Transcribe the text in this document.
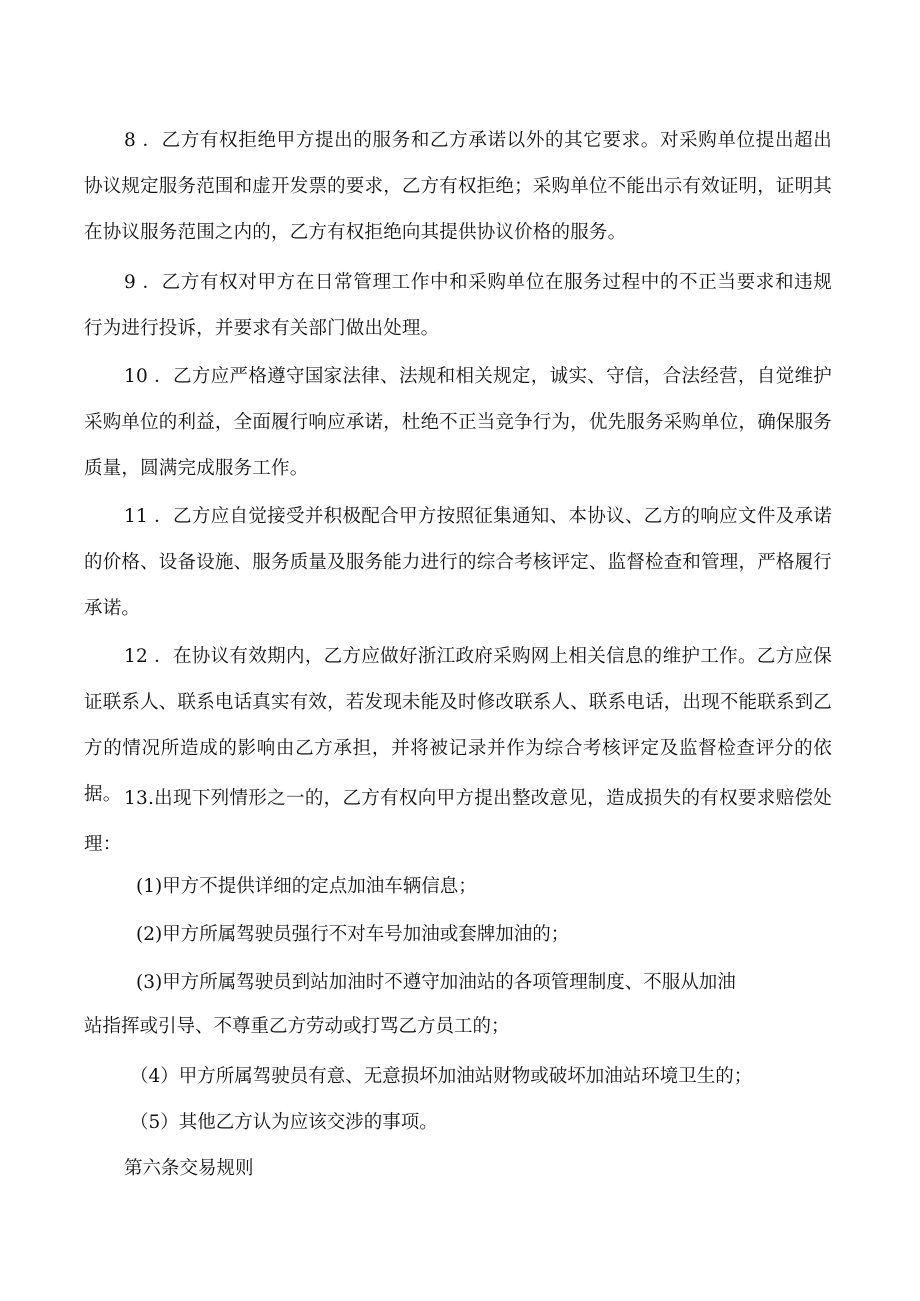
8 ．乙方有权拒绝甲方提出的服务和乙方承诺以外的其它要求。对采购单位提出超出协议规定服务范围和虚开发票的要求，乙方有权拒绝；采购单位不能出示有效证明，证明其在协议服务范围之内的，乙方有权拒绝向其提供协议价格的服务。

9 ．乙方有权对甲方在日常管理工作中和采购单位在服务过程中的不正当要求和违规行为进行投诉，并要求有关部门做出处理。

10 ．乙方应严格遵守国家法律、法规和相关规定，诚实、守信，合法经营，自觉维护采购单位的利益，全面履行响应承诺，杜绝不正当竞争行为，优先服务采购单位，确保服务质量，圆满完成服务工作。

11 ．乙方应自觉接受并积极配合甲方按照征集通知、本协议、乙方的响应文件及承诺的价格、设备设施、服务质量及服务能力进行的综合考核评定、监督检查和管理，严格履行承诺。

12 ．在协议有效期内，乙方应做好浙江政府采购网上相关信息的维护工作。乙方应保证联系人、联系电话真实有效，若发现未能及时修改联系人、联系电话，出现不能联系到乙方的情况所造成的影响由乙方承担，并将被记录并作为综合考核评定及监督检查评分的依据。 13.出现下列情形之一的，乙方有权向甲方提出整改意见，造成损失的有权要求赔偿处理：

(1)甲方不提供详细的定点加油车辆信息；

(2)甲方所属驾驶员强行不对车号加油或套牌加油的；

(3)甲方所属驾驶员到站加油时不遵守加油站的各项管理制度、不服从加油

站指挥或引导、不尊重乙方劳动或打骂乙方员工的；

（4）甲方所属驾驶员有意、无意损坏加油站财物或破坏加油站环境卫生的；

（5）其他乙方认为应该交涉的事项。

第六条交易规则
